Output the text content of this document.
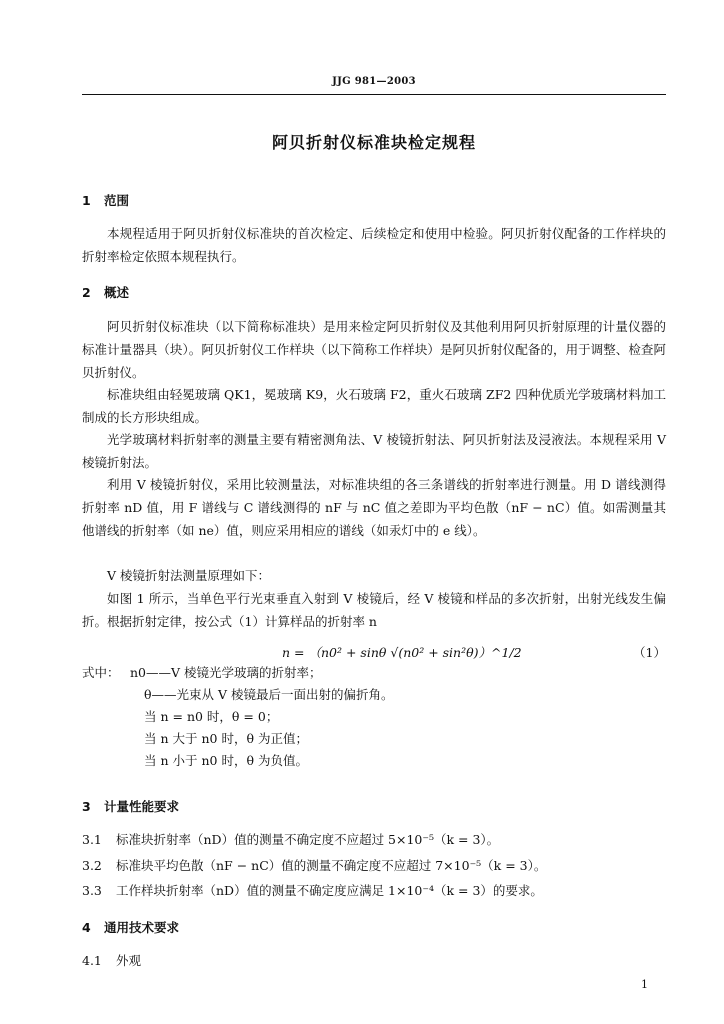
JJG 981—2003
阿贝折射仪标准块检定规程
1 范围
本规程适用于阿贝折射仪标准块的首次检定、后续检定和使用中检验。阿贝折射仪配备的工作样块的折射率检定依照本规程执行。
2 概述
阿贝折射仪标准块（以下简称标准块）是用来检定阿贝折射仪及其他利用阿贝折射原理的计量仪器的标准计量器具（块）。阿贝折射仪工作样块（以下简称工作样块）是阿贝折射仪配备的，用于调整、检查阿贝折射仪。
标准块组由轻冕玻璃 QK1，冕玻璃 K9，火石玻璃 F2，重火石玻璃 ZF2 四种优质光学玻璃材料加工制成的长方形块组成。
光学玻璃材料折射率的测量主要有精密测角法、V 棱镜折射法、阿贝折射法及浸液法。本规程采用 V 棱镜折射法。
利用 V 棱镜折射仪，采用比较测量法，对标准块组的各三条谱线的折射率进行测量。用 D 谱线测得折射率 nD 值，用 F 谱线与 C 谱线测得的 nF 与 nC 值之差即为平均色散（nF − nC）值。如需测量其他谱线的折射率（如 ne）值，则应采用相应的谱线（如汞灯中的 e 线）。
V 棱镜折射法测量原理如下：
如图 1 所示，当单色平行光束垂直入射到 V 棱镜后，经 V 棱镜和样品的多次折射，出射光线发生偏折。根据折射定律，按公式（1）计算样品的折射率 n
n = （n0² + sinθ √(n0² + sin²θ)）^1/2	（1）
式中： n0——V 棱镜光学玻璃的折射率；
θ——光束从 V 棱镜最后一面出射的偏折角。
当 n = n0 时，θ = 0；
当 n 大于 n0 时，θ 为正值；
当 n 小于 n0 时，θ 为负值。
3 计量性能要求
3.1 标准块折射率（nD）值的测量不确定度不应超过 5×10⁻⁵（k = 3）。
3.2 标准块平均色散（nF − nC）值的测量不确定度不应超过 7×10⁻⁵（k = 3）。
3.3 工作样块折射率（nD）值的测量不确定度应满足 1×10⁻⁴（k = 3）的要求。
4 通用技术要求
4.1 外观
1
